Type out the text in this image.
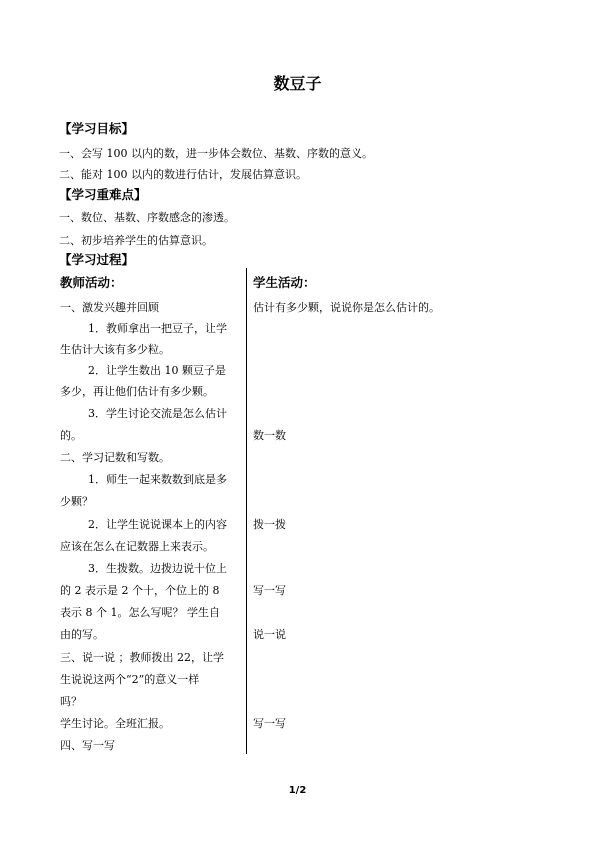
数豆子
【学习目标】
一、会写 100 以内的数，进一步体会数位、基数、序数的意义。
二、能对 100 以内的数进行估计，发展估算意识。
【学习重难点】
一、数位、基数、序数感念的渗透。
二、初步培养学生的估算意识。
【学习过程】
教师活动：	学生活动：
一、激发兴趣并回顾
1．教师拿出一把豆子，让学
生估计大该有多少粒。
2．让学生数出 10 颗豆子是
多少，再让他们估计有多少颗。
3．学生讨论交流是怎么估计
的。
二、学习记数和写数。
1．师生一起来数数到底是多
少颗？
2．让学生说说课本上的内容
应该在怎么在记数器上来表示。
3．生拨数。边拨边说十位上
的 2 表示是 2 个十，个位上的 8
表示 8 个 1。怎么写呢？ 学生自
由的写。
三、说一说 ；教师拨出 22，让学
生说说这两个“2”的意义一样
吗？
学生讨论。全班汇报。
四、写一写
估计有多少颗，说说你是怎么估计的。
数一数
拨一拨
写一写
说一说
写一写
1/2
